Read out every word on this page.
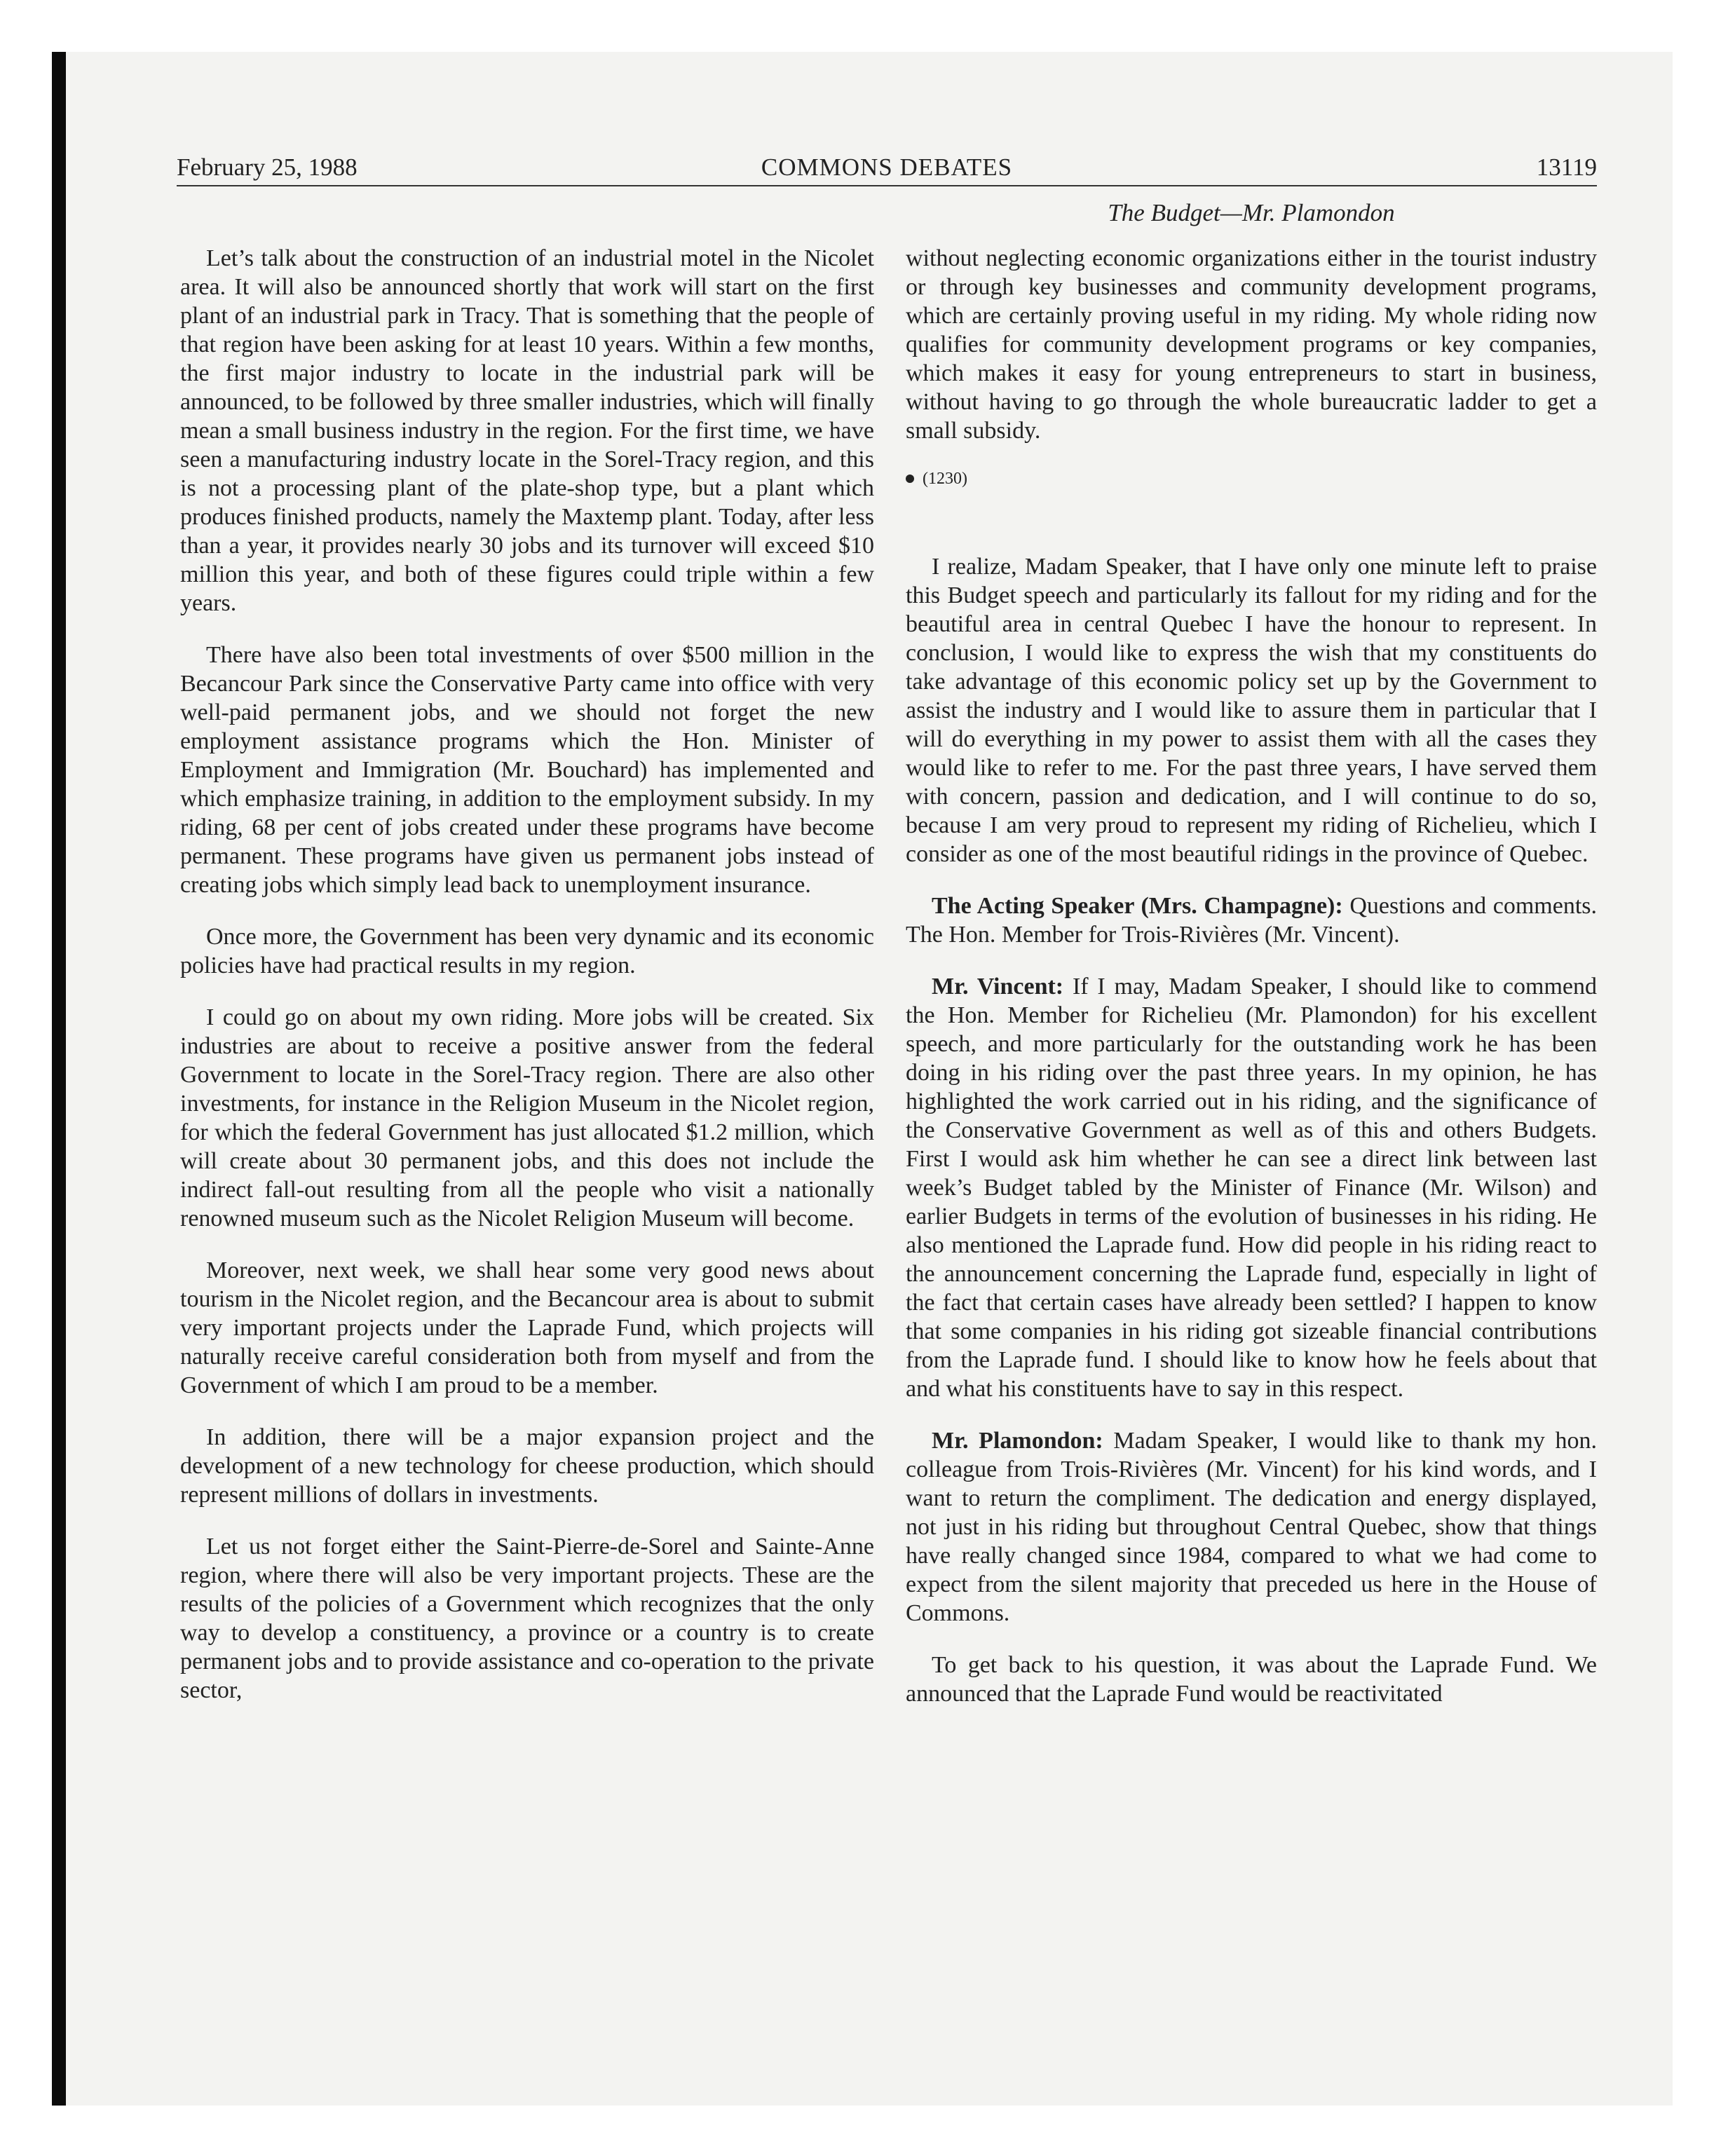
February 25, 1988	COMMONS DEBATES	13119
The Budget—Mr. Plamondon

Let’s talk about the construction of an industrial motel in the Nicolet area. It will also be announced shortly that work will start on the first plant of an industrial park in Tracy. That is something that the people of that region have been asking for at least 10 years. Within a few months, the first major industry to locate in the industrial park will be announced, to be followed by three smaller industries, which will finally mean a small business industry in the region. For the first time, we have seen a manufacturing industry locate in the Sorel-Tracy region, and this is not a processing plant of the plate-shop type, but a plant which produces finished products, namely the Maxtemp plant. Today, after less than a year, it provides nearly 30 jobs and its turnover will exceed $10 million this year, and both of these figures could triple within a few years.

There have also been total investments of over $500 million in the Becancour Park since the Conservative Party came into office with very well-paid permanent jobs, and we should not forget the new employment assistance programs which the Hon. Minister of Employment and Immigration (Mr. Bouchard) has implemented and which emphasize training, in addition to the employment subsidy. In my riding, 68 per cent of jobs created under these programs have become permanent. These programs have given us permanent jobs instead of creating jobs which simply lead back to unemployment insurance.

Once more, the Government has been very dynamic and its economic policies have had practical results in my region.

I could go on about my own riding. More jobs will be created. Six industries are about to receive a positive answer from the federal Government to locate in the Sorel-Tracy region. There are also other investments, for instance in the Religion Museum in the Nicolet region, for which the federal Government has just allocated $1.2 million, which will create about 30 permanent jobs, and this does not include the indirect fall-out resulting from all the people who visit a nationally renowned museum such as the Nicolet Religion Museum will become.

Moreover, next week, we shall hear some very good news about tourism in the Nicolet region, and the Becancour area is about to submit very important projects under the Laprade Fund, which projects will naturally receive careful consideration both from myself and from the Government of which I am proud to be a member.

In addition, there will be a major expansion project and the development of a new technology for cheese production, which should represent millions of dollars in investments.

Let us not forget either the Saint-Pierre-de-Sorel and Sainte-Anne region, where there will also be very important projects. These are the results of the policies of a Government which recognizes that the only way to develop a constituency, a province or a country is to create permanent jobs and to provide assistance and co-operation to the private sector,

without neglecting economic organizations either in the tourist industry or through key businesses and community development programs, which are certainly proving useful in my riding. My whole riding now qualifies for community development programs or key companies, which makes it easy for young entrepreneurs to start in business, without having to go through the whole bureaucratic ladder to get a small subsidy.

(1230)

I realize, Madam Speaker, that I have only one minute left to praise this Budget speech and particularly its fallout for my riding and for the beautiful area in central Quebec I have the honour to represent. In conclusion, I would like to express the wish that my constituents do take advantage of this economic policy set up by the Government to assist the industry and I would like to assure them in particular that I will do everything in my power to assist them with all the cases they would like to refer to me. For the past three years, I have served them with concern, passion and dedication, and I will continue to do so, because I am very proud to represent my riding of Richelieu, which I consider as one of the most beautiful ridings in the province of Quebec.

The Acting Speaker (Mrs. Champagne): Questions and comments. The Hon. Member for Trois-Rivières (Mr. Vincent).

Mr. Vincent: If I may, Madam Speaker, I should like to commend the Hon. Member for Richelieu (Mr. Plamondon) for his excellent speech, and more particularly for the outstanding work he has been doing in his riding over the past three years. In my opinion, he has highlighted the work carried out in his riding, and the significance of the Conservative Government as well as of this and others Budgets. First I would ask him whether he can see a direct link between last week’s Budget tabled by the Minister of Finance (Mr. Wilson) and earlier Budgets in terms of the evolution of businesses in his riding. He also mentioned the Laprade fund. How did people in his riding react to the announcement concerning the Laprade fund, especially in light of the fact that certain cases have already been settled? I happen to know that some companies in his riding got sizeable financial contributions from the Laprade fund. I should like to know how he feels about that and what his constituents have to say in this respect.

Mr. Plamondon: Madam Speaker, I would like to thank my hon. colleague from Trois-Rivières (Mr. Vincent) for his kind words, and I want to return the compliment. The dedication and energy displayed, not just in his riding but throughout Central Quebec, show that things have really changed since 1984, compared to what we had come to expect from the silent majority that preceded us here in the House of Commons.

To get back to his question, it was about the Laprade Fund. We announced that the Laprade Fund would be reactivitated
